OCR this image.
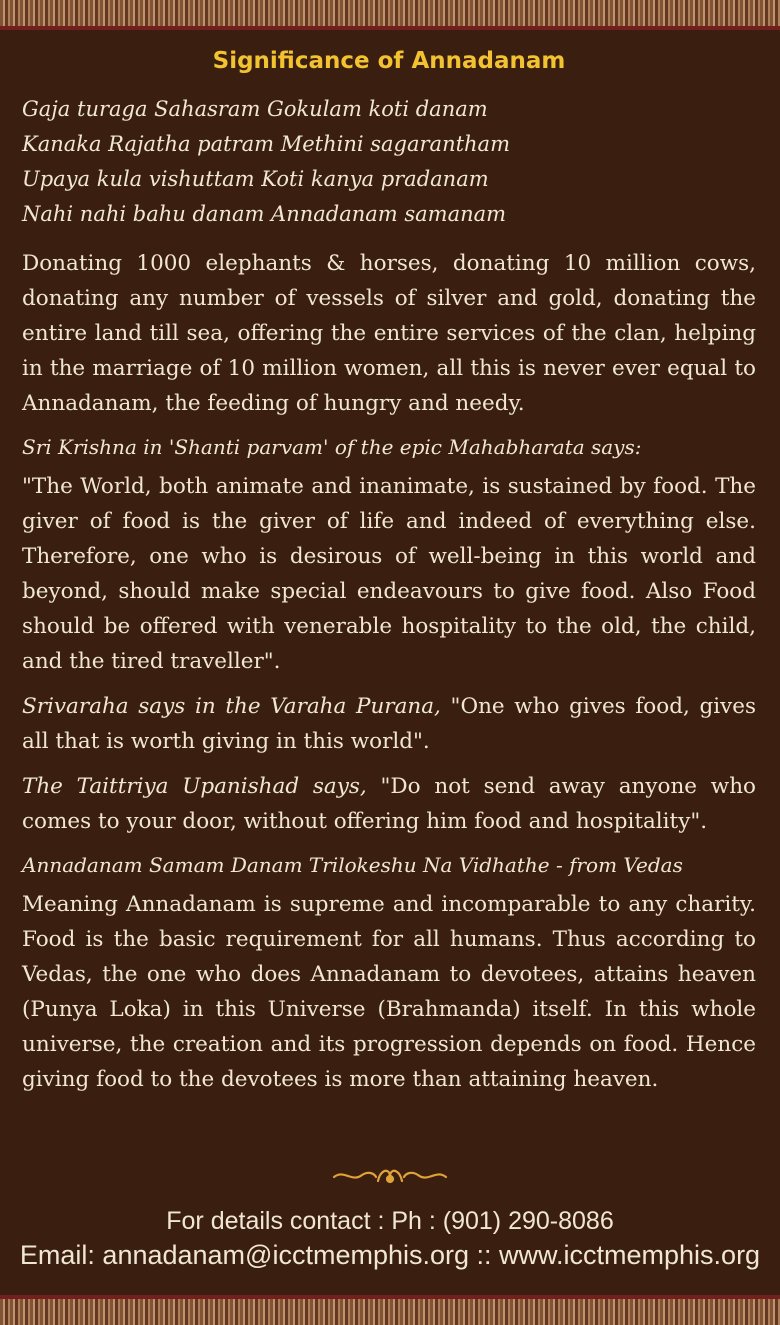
Significance of Annadanam
Gaja turaga Sahasram Gokulam koti danam
Kanaka Rajatha patram Methini sagarantham
Upaya kula vishuttam Koti kanya pradanam
Nahi nahi bahu danam Annadanam samanam

Donating 1000 elephants & horses, donating 10 million cows, donating any number of vessels of silver and gold, donating the entire land till sea, offering the entire services of the clan, helping in the marriage of 10 million women, all this is never ever equal to Annadanam, the feeding of hungry and needy.

Sri Krishna in 'Shanti parvam' of the epic Mahabharata says:

"The World, both animate and inanimate, is sustained by food. The giver of food is the giver of life and indeed of everything else. Therefore, one who is desirous of well-being in this world and beyond, should make special endeavours to give food. Also Food should be offered with venerable hospitality to the old, the child, and the tired traveller".

Srivaraha says in the Varaha Purana, "One who gives food, gives all that is worth giving in this world".

The Taittriya Upanishad says, "Do not send away anyone who comes to your door, without offering him food and hospitality".

Annadanam Samam Danam Trilokeshu Na Vidhathe - from Vedas

Meaning Annadanam is supreme and incomparable to any charity. Food is the basic requirement for all humans. Thus according to Vedas, the one who does Annadanam to devotees, attains heaven (Punya Loka) in this Universe (Brahmanda) itself. In this whole universe, the creation and its progression depends on food. Hence giving food to the devotees is more than attaining heaven.

For details contact : Ph : (901) 290-8086
Email: annadanam@icctmemphis.org :: www.icctmemphis.org
